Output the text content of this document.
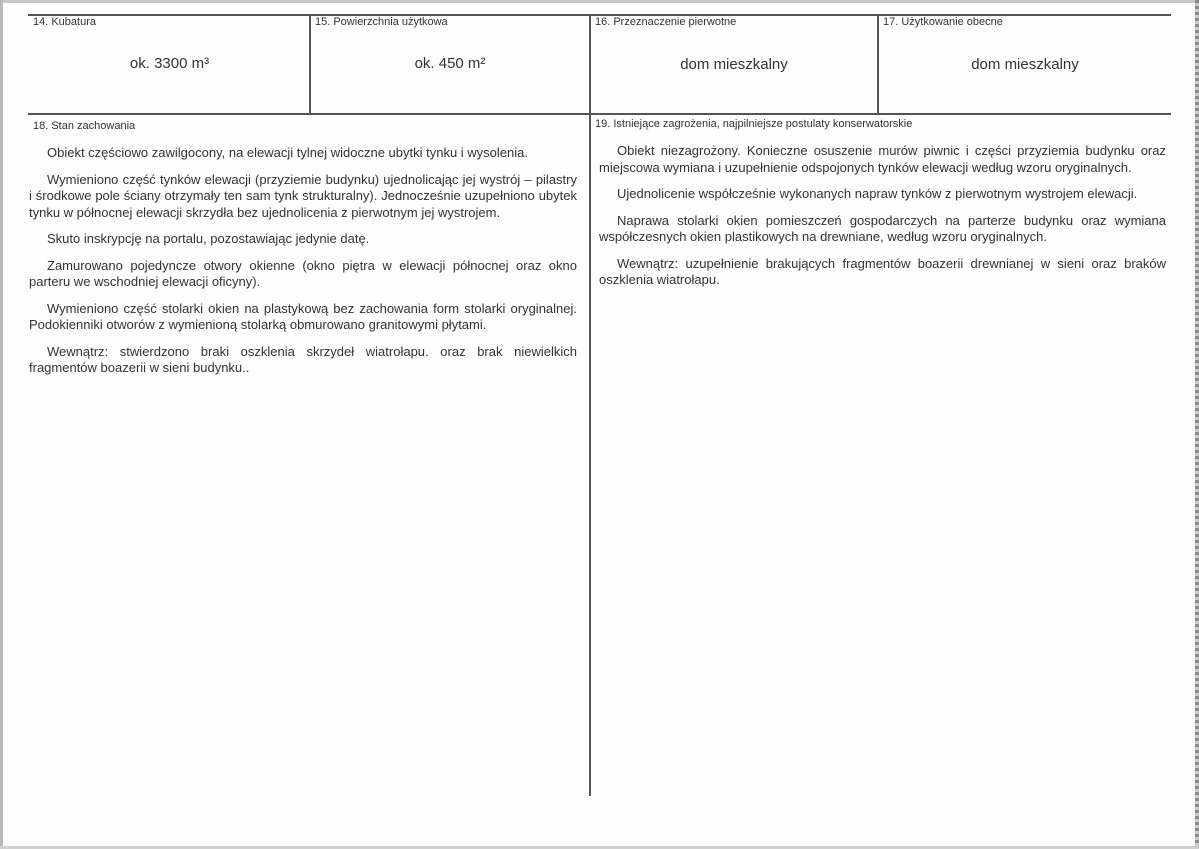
14. Kubatura
ok. 3300 m³
15. Powierzchnia użytkowa
ok. 450 m²
16. Przeznaczenie pierwotne
dom mieszkalny
17. Użytkowanie obecne
dom mieszkalny
18. Stan zachowania

Obiekt częściowo zawilgocony, na elewacji tylnej widoczne ubytki tynku i wysolenia.

Wymieniono część tynków elewacji (przyziemie budynku) ujednolicając jej wystrój – pilastry i środkowe pole ściany otrzymały ten sam tynk strukturalny). Jednocześnie uzupełniono ubytek tynku w północnej elewacji skrzydła bez ujednolicenia z pierwotnym jej wystrojem.

Skuto inskrypcję na portalu, pozostawiając jedynie datę.

Zamurowano pojedyncze otwory okienne (okno piętra w elewacji północnej oraz okno parteru we wschodniej elewacji oficyny).

Wymieniono część stolarki okien na plastykową bez zachowania form stolarki oryginalnej. Podokienniki otworów z wymienioną stolarką obmurowano granitowymi płytami.

Wewnątrz: stwierdzono braki oszklenia skrzydeł wiatrołapu. oraz brak niewielkich fragmentów boazerii w sieni budynku..

19. Istniejące zagrożenia, najpilniejsze postulaty konserwatorskie

Obiekt niezagrożony. Konieczne osuszenie murów piwnic i części przyziemia budynku oraz miejscowa wymiana i uzupełnienie odspojonych tynków elewacji według wzoru oryginalnych.

Ujednolicenie współcześnie wykonanych napraw tynków z pierwotnym wystrojem elewacji.

Naprawa stolarki okien pomieszczeń gospodarczych na parterze budynku oraz wymiana współczesnych okien plastikowych na drewniane, według wzoru oryginalnych.

Wewnątrz: uzupełnienie brakujących fragmentów boazerii drewnianej w sieni oraz braków oszklenia wiatrołapu.
